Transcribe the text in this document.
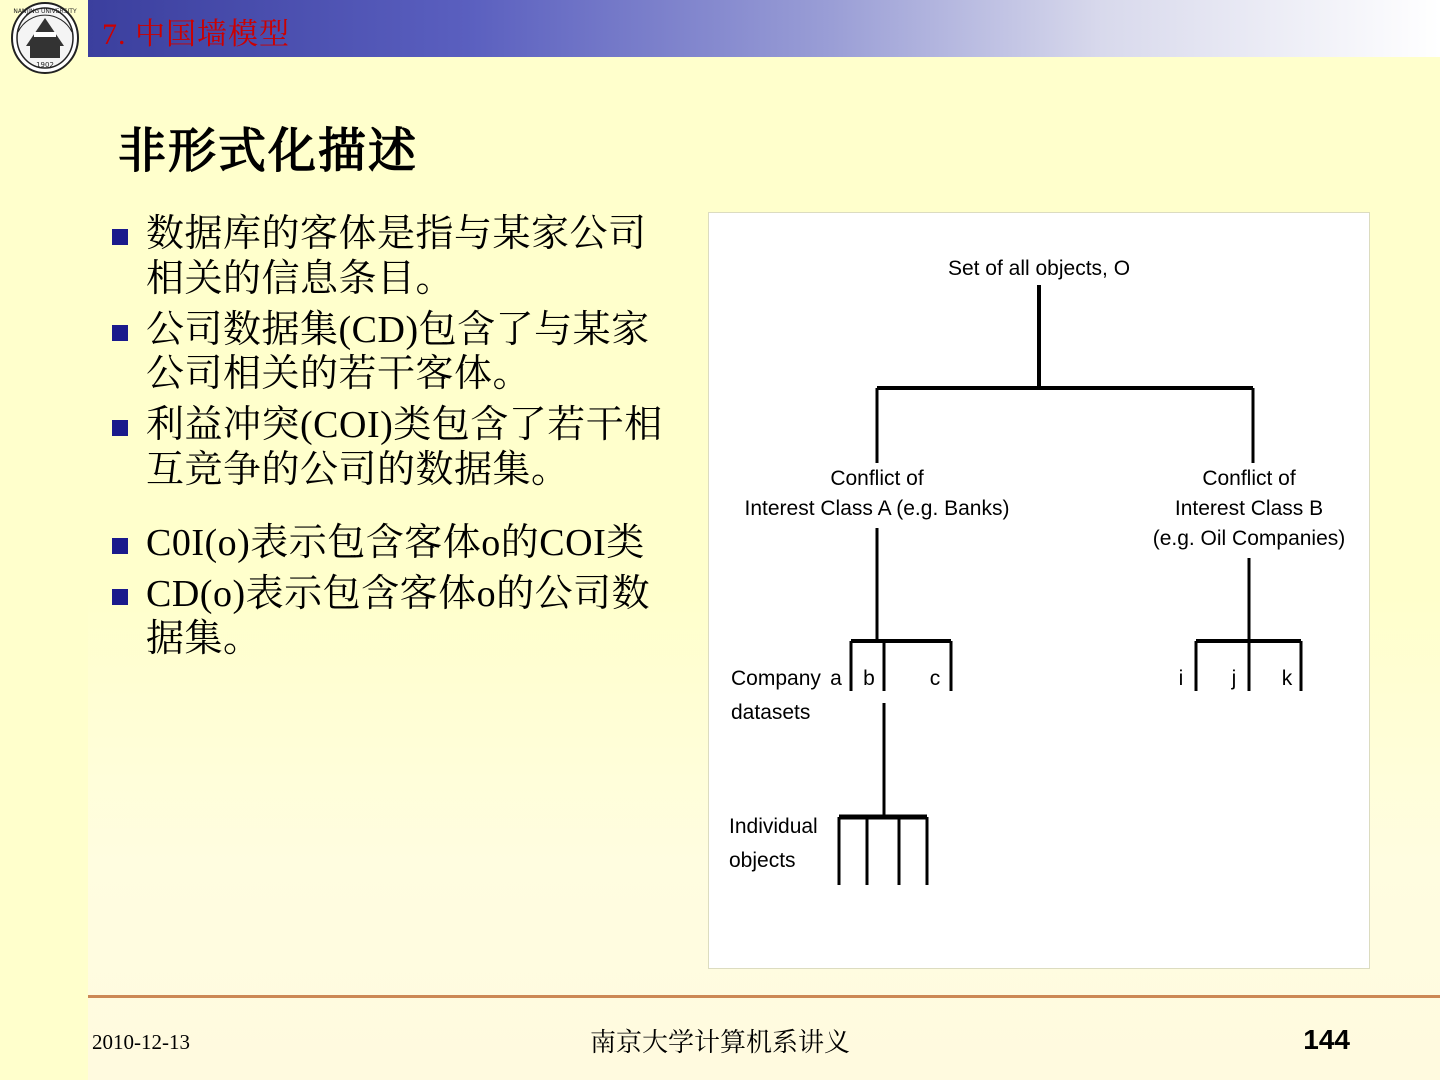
1902
NANJING UNIVERSITY
7. 中国墙模型
非形式化描述
数据库的客体是指与某家公司相关的信息条目。
公司数据集(CD)包含了与某家公司相关的若干客体。
利益冲突(COI)类包含了若干相互竞争的公司的数据集。
C0I(o)表示包含客体o的COI类
CD(o)表示包含客体o的公司数据集。
Set of all objects, O
Conflict of
Interest Class A (e.g. Banks)
Conflict of
Interest Class B
(e.g. Oil Companies)
Company
datasets
a b	c	i j k
Individual
objects
2010-12-13	南京大学计算机系讲义	144
